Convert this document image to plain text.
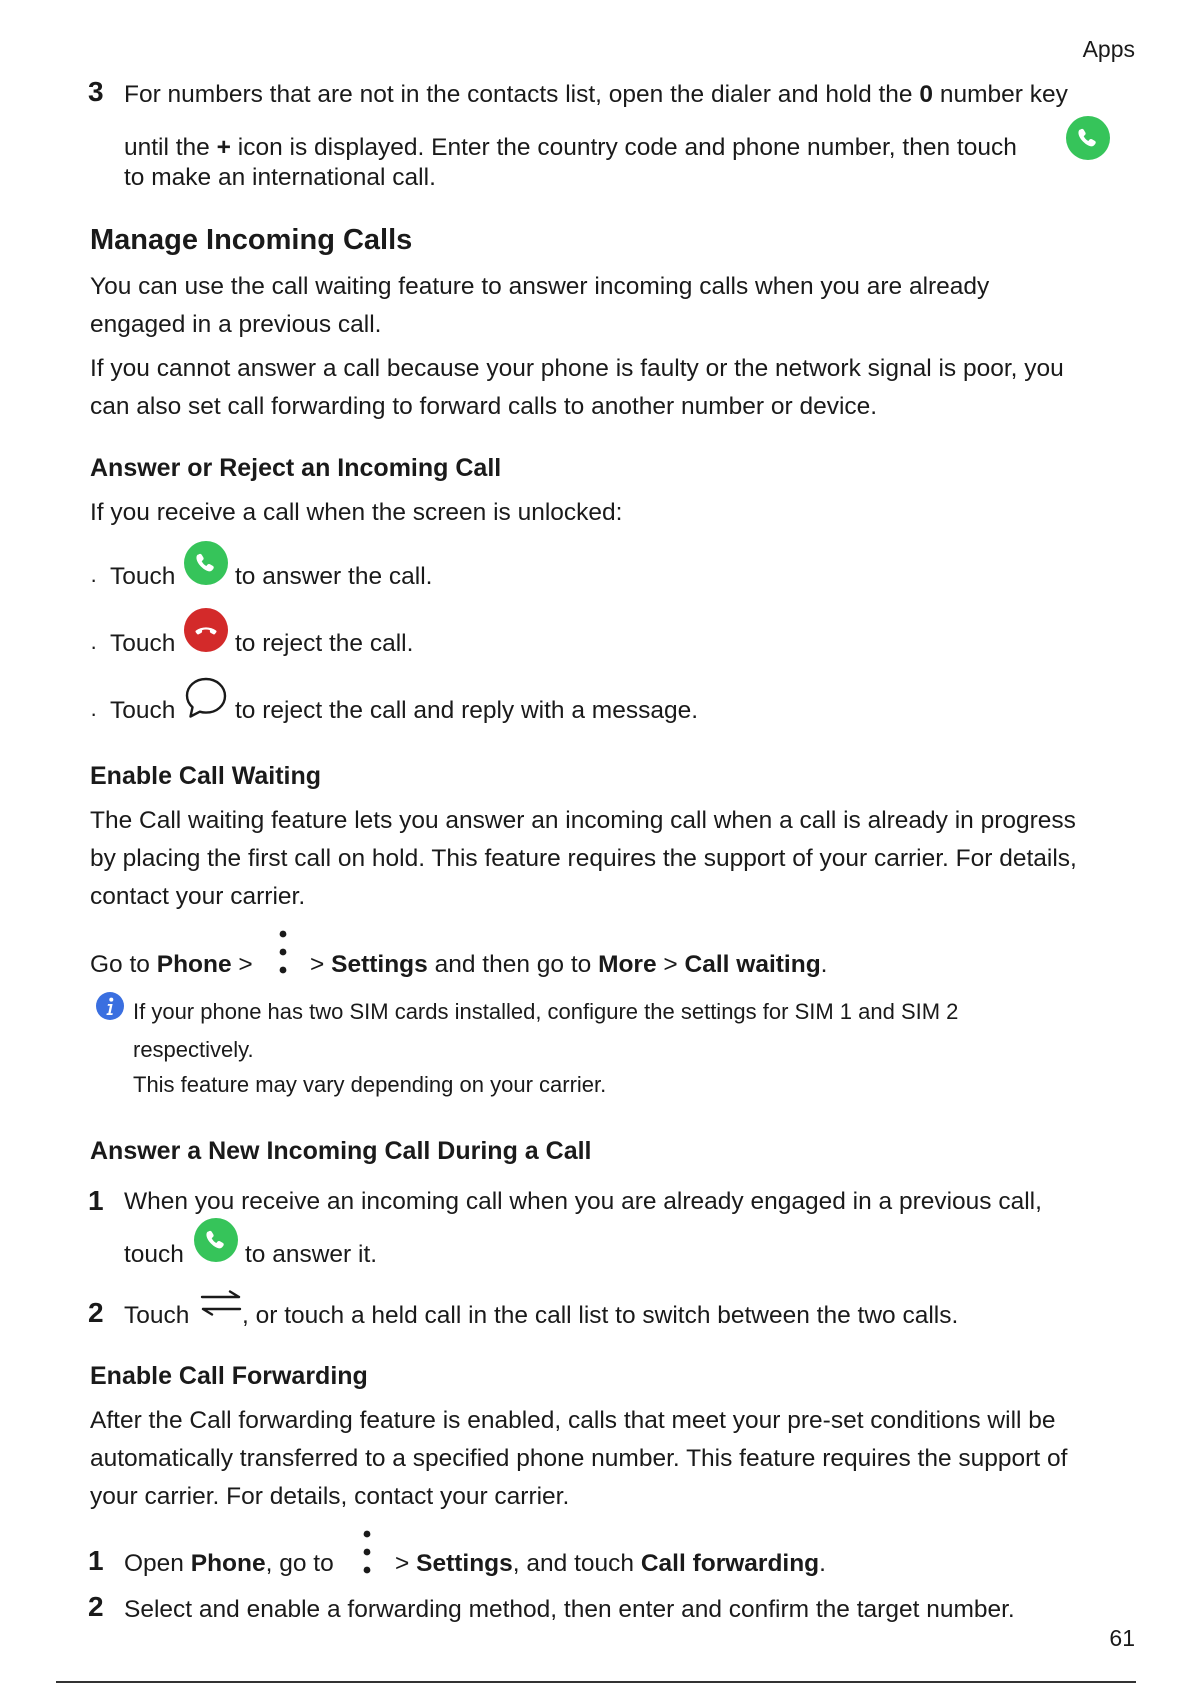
Apps
61
3 For numbers that are not in the contacts list, open the dialer and hold the 0 number key
until the + icon is displayed. Enter the country code and phone number, then touch
to make an international call.
Manage Incoming Calls
You can use the call waiting feature to answer incoming calls when you are already
engaged in a previous call.
If you cannot answer a call because your phone is faulty or the network signal is poor, you
can also set call forwarding to forward calls to another number or device.
Answer or Reject an Incoming Call
If you receive a call when the screen is unlocked:
· Touch to answer the call.
· Touch to reject the call.
· Touch to reject the call and reply with a message.
Enable Call Waiting
The Call waiting feature lets you answer an incoming call when a call is already in progress
by placing the first call on hold. This feature requires the support of your carrier. For details,
contact your carrier.
Go to Phone > > Settings and then go to More > Call waiting.
If your phone has two SIM cards installed, configure the settings for SIM 1 and SIM 2
respectively.
This feature may vary depending on your carrier.
Answer a New Incoming Call During a Call
1 When you receive an incoming call when you are already engaged in a previous call,
touch to answer it.
2 Touch , or touch a held call in the call list to switch between the two calls.
Enable Call Forwarding
After the Call forwarding feature is enabled, calls that meet your pre-set conditions will be
automatically transferred to a specified phone number. This feature requires the support of
your carrier. For details, contact your carrier.
1 Open Phone, go to	> Settings, and touch Call forwarding.
2 Select and enable a forwarding method, then enter and confirm the target number.
